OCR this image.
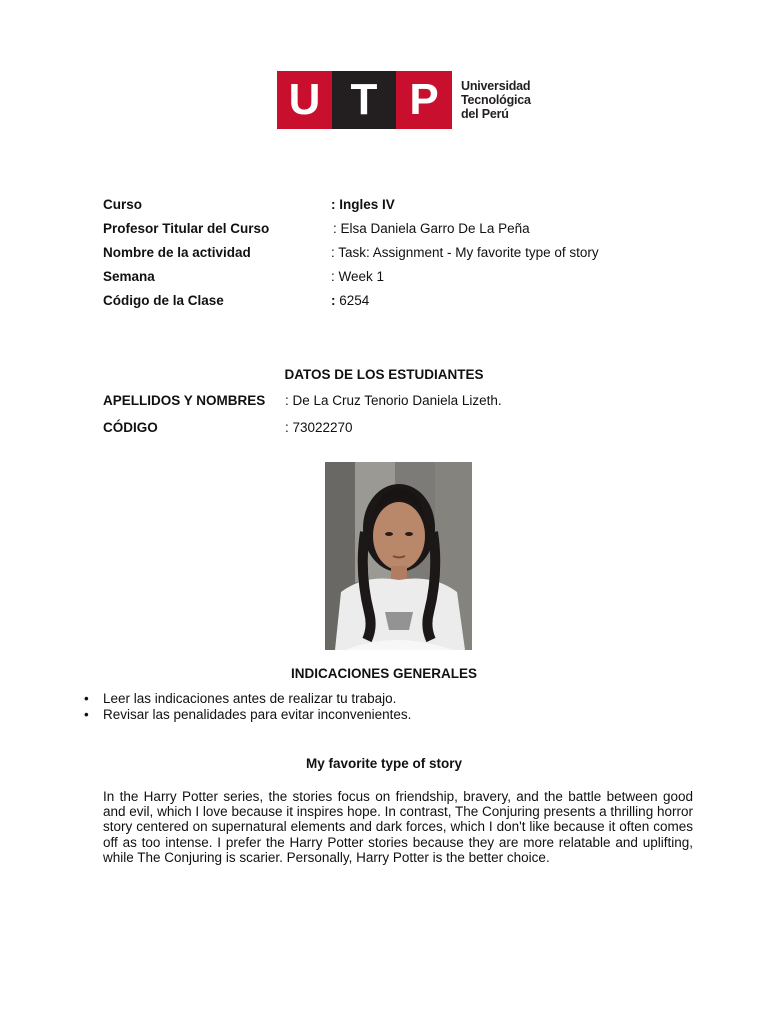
U T P	Universidad
Tecnológica
del Perú
Curso	: Ingles IV
Profesor Titular del Curso	: Elsa Daniela Garro De La Peña
Nombre de la actividad	: Task: Assignment - My favorite type of story
Semana	: Week 1
Código de la Clase	: 6254
DATOS DE LOS ESTUDIANTES
APELLIDOS Y NOMBRES : De La Cruz Tenorio Daniela Lizeth.
CÓDIGO	: 73022270
INDICACIONES GENERALES
• Leer las indicaciones antes de realizar tu trabajo.
• Revisar las penalidades para evitar inconvenientes.
My favorite type of story
In the Harry Potter series, the stories focus on friendship, bravery, and the battle between good and evil, which I love because it inspires hope. In contrast, The Conjuring presents a thrilling horror story centered on supernatural elements and dark forces, which I don't like because it often comes off as too intense. I prefer the Harry Potter stories because they are more relatable and uplifting, while The Conjuring is scarier. Personally, Harry Potter is the better choice.
